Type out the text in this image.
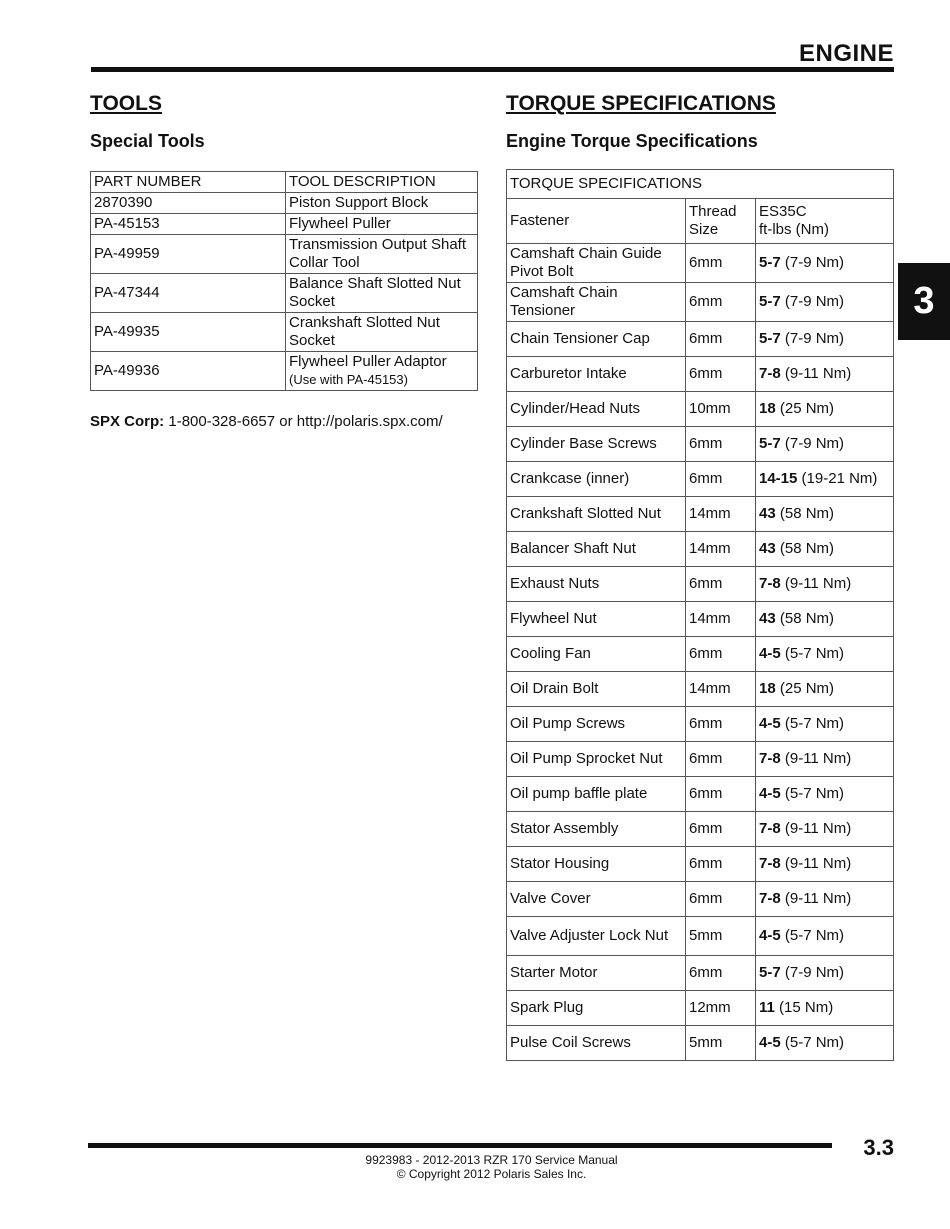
ENGINE
3
TOOLS
Special Tools
PART NUMBER	TOOL DESCRIPTION
2870390	Piston Support Block
PA-45153	Flywheel Puller
PA-49959	Transmission Output Shaft Collar Tool
PA-47344	Balance Shaft Slotted Nut Socket
PA-49935	Crankshaft Slotted Nut Socket
PA-49936	Flywheel Puller Adaptor
(Use with PA-45153)
SPX Corp: 1-800-328-6657 or http://polaris.spx.com/
TORQUE SPECIFICATIONS
Engine Torque Specifications
TORQUE SPECIFICATIONS		
Fastener	Thread Size	ES35C
ft-lbs (Nm)
Camshaft Chain Guide Pivot Bolt	6mm	5-7 (7-9 Nm)
Camshaft Chain Tensioner	6mm	5-7 (7-9 Nm)
Chain Tensioner Cap	6mm	5-7 (7-9 Nm)
Carburetor Intake	6mm	7-8 (9-11 Nm)
Cylinder/Head Nuts	10mm	18 (25 Nm)
Cylinder Base Screws	6mm	5-7 (7-9 Nm)
Crankcase (inner)	6mm	14-15 (19-21 Nm)
Crankshaft Slotted Nut	14mm	43 (58 Nm)
Balancer Shaft Nut	14mm	43 (58 Nm)
Exhaust Nuts	6mm	7-8 (9-11 Nm)
Flywheel Nut	14mm	43 (58 Nm)
Cooling Fan	6mm	4-5 (5-7 Nm)
Oil Drain Bolt	14mm	18 (25 Nm)
Oil Pump Screws	6mm	4-5 (5-7 Nm)
Oil Pump Sprocket Nut	6mm	7-8 (9-11 Nm)
Oil pump baffle plate	6mm	4-5 (5-7 Nm)
Stator Assembly	6mm	7-8 (9-11 Nm)
Stator Housing	6mm	7-8 (9-11 Nm)
Valve Cover	6mm	7-8 (9-11 Nm)
Valve Adjuster Lock Nut	5mm	4-5 (5-7 Nm)
Starter Motor	6mm	5-7 (7-9 Nm)
Spark Plug	12mm	11 (15 Nm)
Pulse Coil Screws	5mm	4-5 (5-7 Nm)
3.3
9923983 - 2012-2013 RZR 170 Service Manual
© Copyright 2012 Polaris Sales Inc.
